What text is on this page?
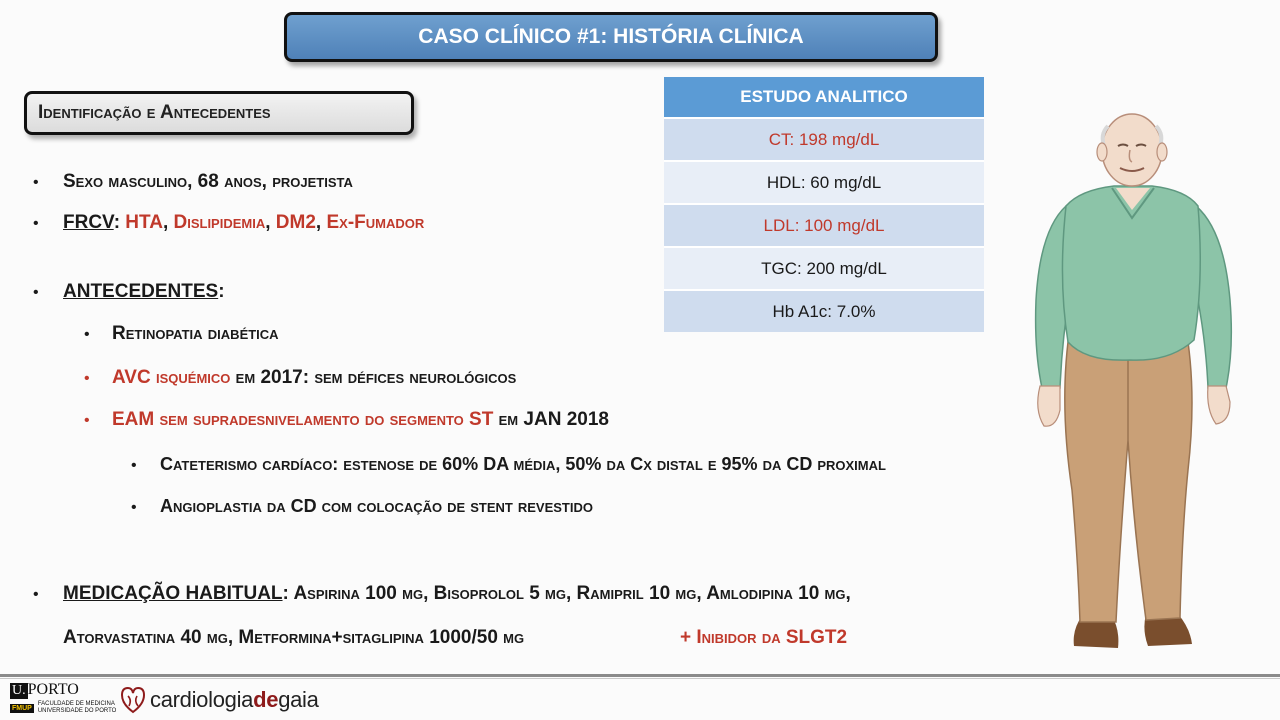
CASO CLÍNICO #1: HISTÓRIA CLÍNICA
Identificação e Antecedentes
• Sexo masculino, 68 anos, projetista
• FRCV: HTA, Dislipidemia, DM2, Ex-Fumador
• ANTECEDENTES:
• Retinopatia diabética
• AVC isquémico em 2017: sem défices neurológicos
• EAM sem supradesnivelamento do segmento ST em JAN 2018
• Cateterismo cardíaco: estenose de 60% DA média, 50% da Cx distal e 95% da CD proximal
• Angioplastia da CD com colocação de stent revestido
• MEDICAÇÃO HABITUAL: Aspirina 100 mg, Bisoprolol 5 mg, Ramipril 10 mg, Amlodipina 10 mg,
Atorvastatina 40 mg, Metformina+sitaglipina 1000/50 mg	+ Inibidor da SLGT2
ESTUDO ANALITICO
CT: 198 mg/dL
HDL: 60 mg/dL
LDL: 100 mg/dL
TGC: 200 mg/dL
Hb A1c: 7.0%
U. PORTO
FMUP
FACULDADE DE MEDICINA
UNIVERSIDADE DO PORTO cardiologiadegaia
